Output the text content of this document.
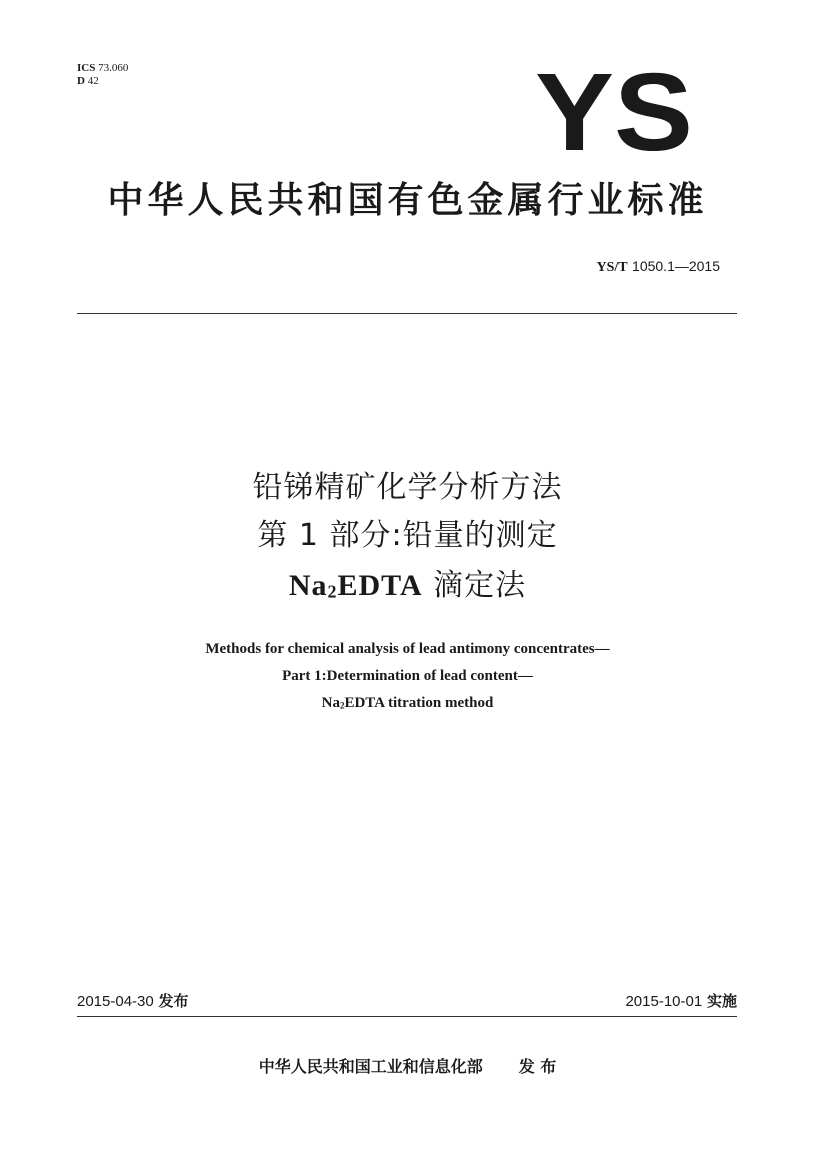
ICS 73.060
D 42	YS
中华人民共和国有色金属行业标准
YS/T 1050.1—2015
铅锑精矿化学分析方法
第 1 部分:铅量的测定
$Na_2EDTA$ 滴定法
Methods for chemical analysis of lead antimony concentrates—
Part 1:Determination of lead content—
$Na_2EDTA$ titration method
2015-04-30 发布	2015-10-01 实施
中华人民共和国工业和信息化部 发 布
